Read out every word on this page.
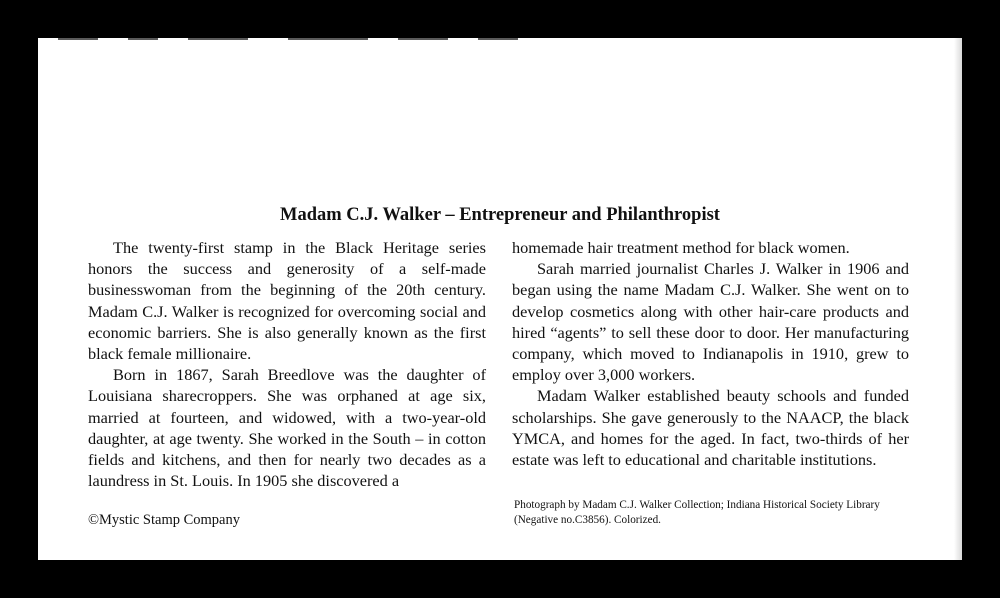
Madam C.J. Walker – Entrepreneur and Philanthropist

The twenty-first stamp in the Black Heritage series honors the success and generosity of a self-made businesswoman from the beginning of the 20th century. Madam C.J. Walker is recognized for overcoming social and economic barriers. She is also generally known as the first black female millionaire.

Born in 1867, Sarah Breedlove was the daughter of Louisiana sharecroppers. She was orphaned at age six, married at fourteen, and widowed, with a two-year-old daughter, at age twenty. She worked in the South – in cotton fields and kitchens, and then for nearly two decades as a laundress in St. Louis. In 1905 she discovered a

homemade hair treatment method for black women.

Sarah married journalist Charles J. Walker in 1906 and began using the name Madam C.J. Walker. She went on to develop cosmetics along with other hair-care products and hired “agents” to sell these door to door. Her manufacturing company, which moved to Indianapolis in 1910, grew to employ over 3,000 workers.

Madam Walker established beauty schools and funded scholarships. She gave generously to the NAACP, the black YMCA, and homes for the aged. In fact, two-thirds of her estate was left to educational and charitable institutions.

©Mystic Stamp Company
Photograph by Madam C.J. Walker Collection; Indiana Historical Society Library
(Negative no.C3856). Colorized.
